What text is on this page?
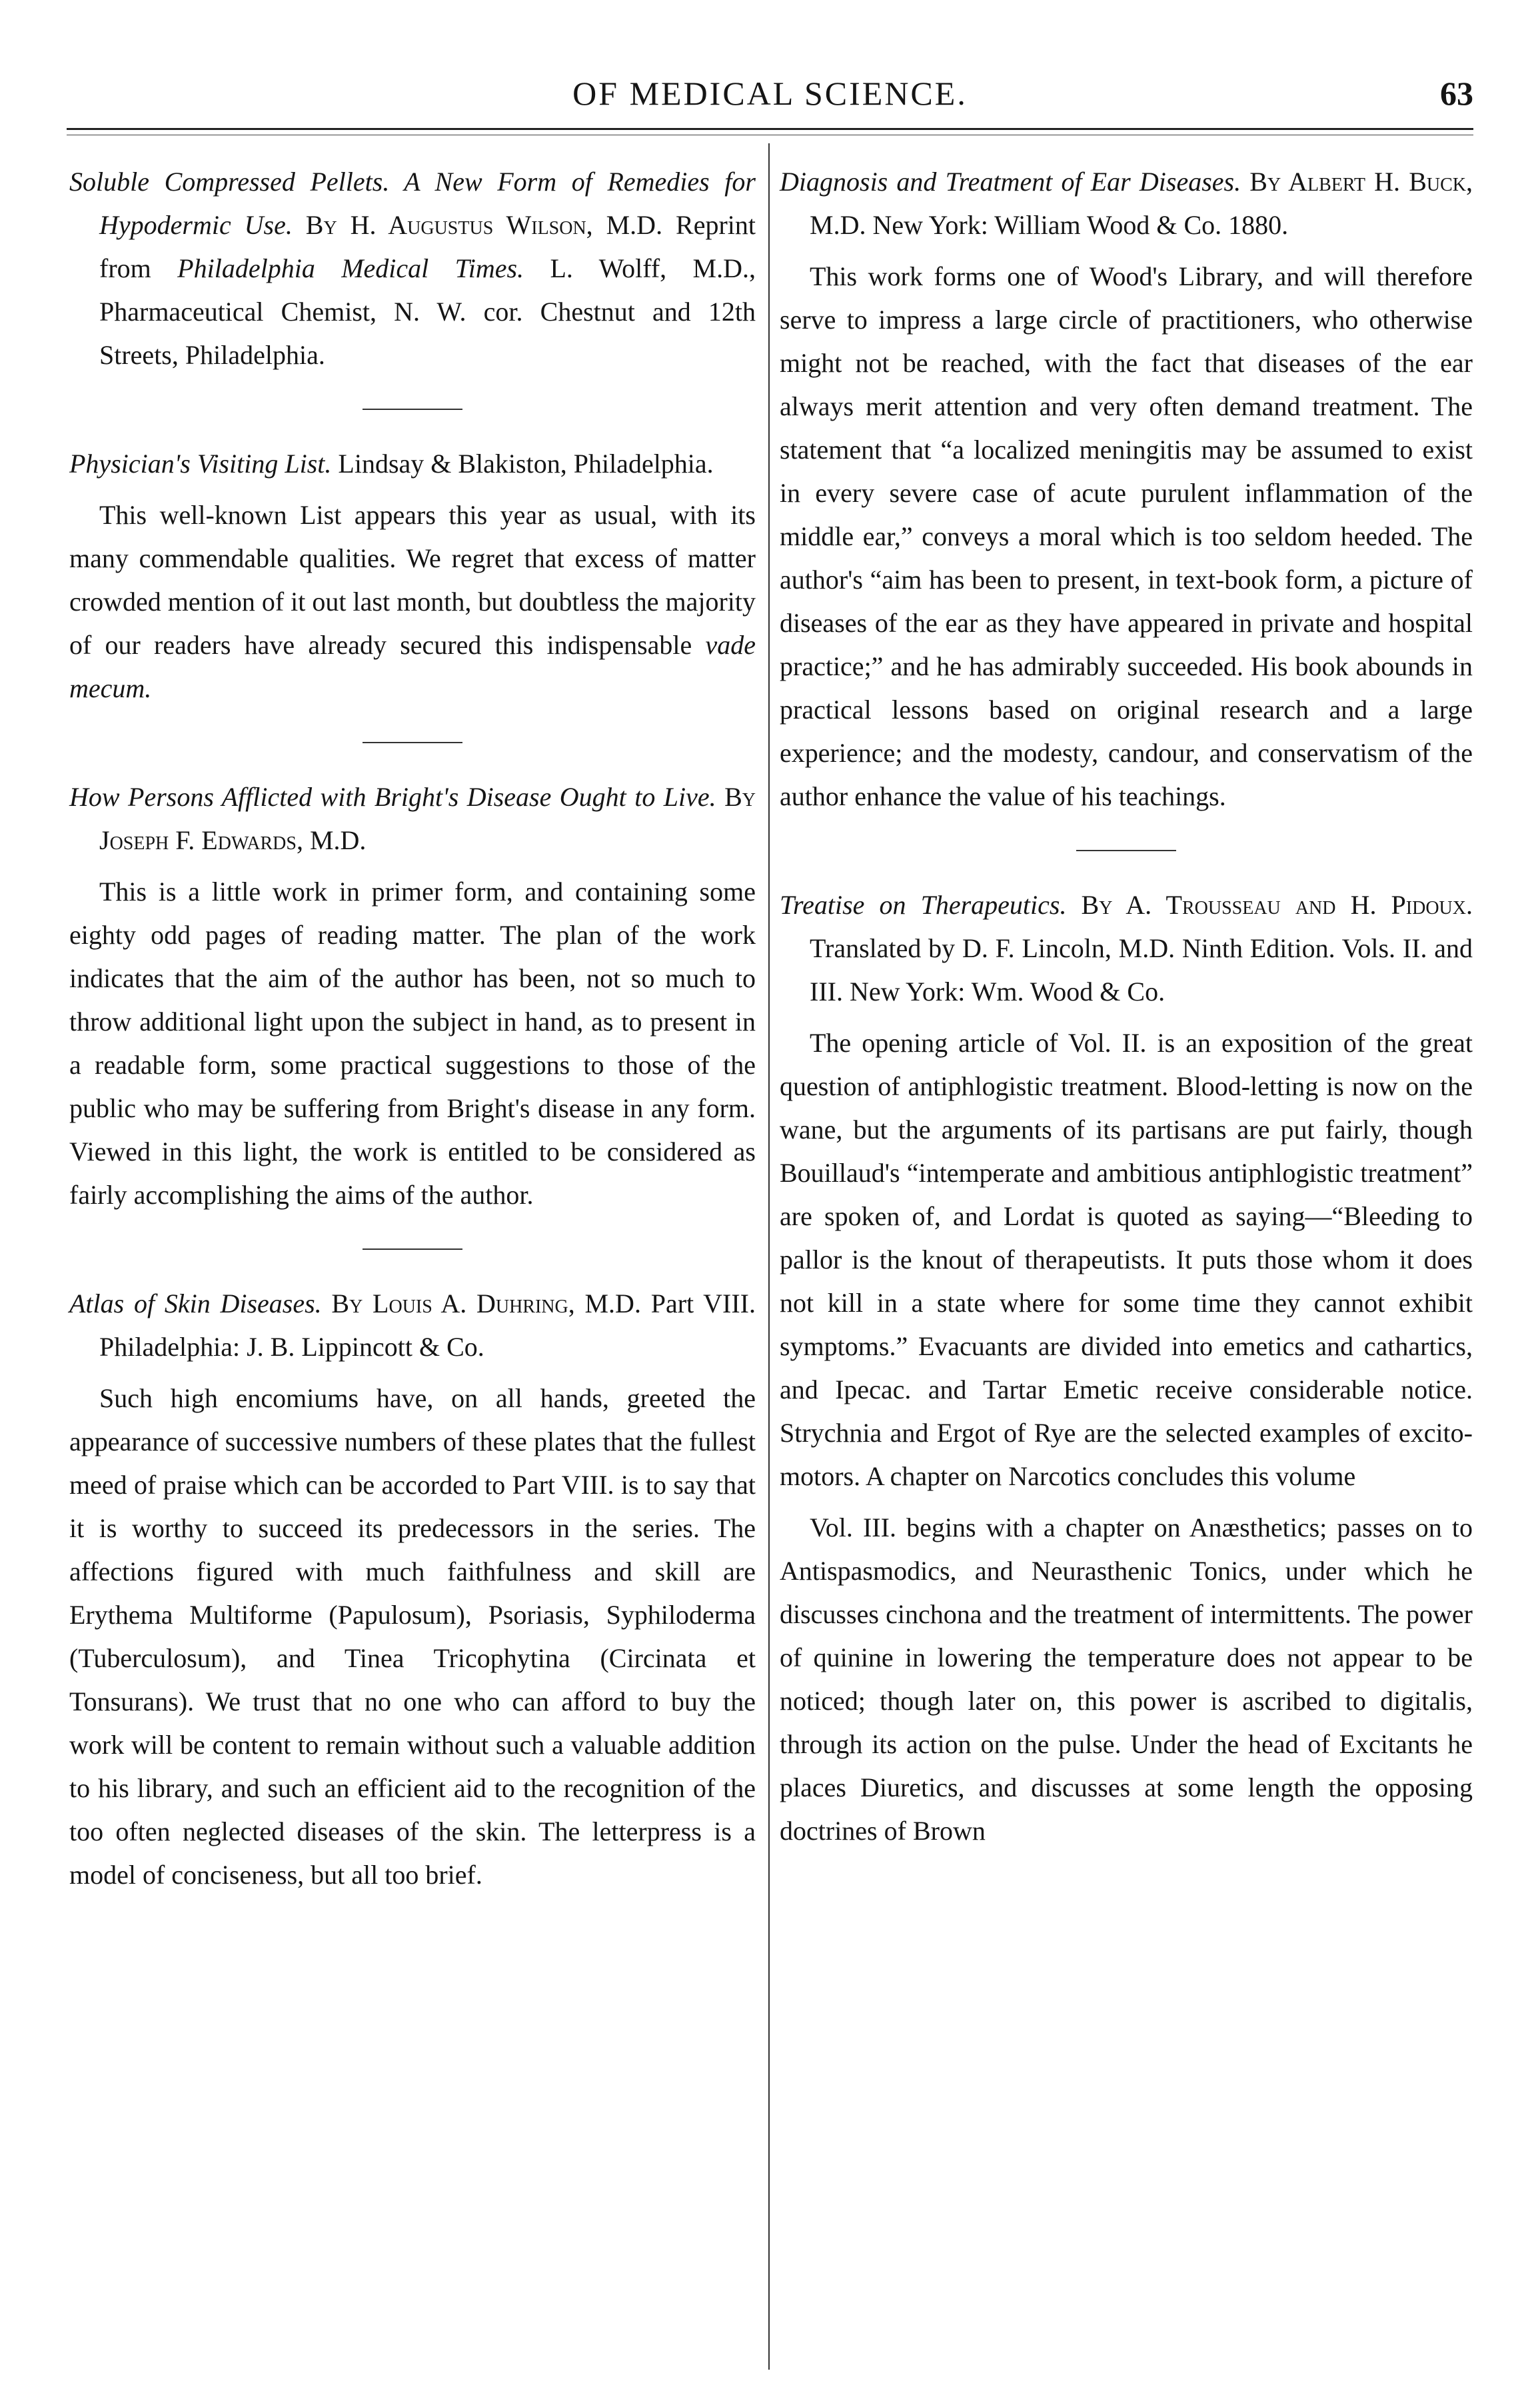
OF MEDICAL SCIENCE.	63

Soluble Compressed Pellets. A New Form of Remedies for Hypodermic Use. By H. Augustus Wilson, M.D. Reprint from Philadelphia Medical Times. L. Wolff, M.D., Pharmaceutical Chemist, N. W. cor. Chestnut and 12th Streets, Philadelphia.

Physician's Visiting List. Lindsay & Blakiston, Philadelphia.

This well-known List appears this year as usual, with its many commendable qualities. We regret that excess of matter crowded mention of it out last month, but doubtless the majority of our readers have already secured this indispensable vade mecum.

How Persons Afflicted with Bright's Disease Ought to Live. By Joseph F. Edwards, M.D.

This is a little work in primer form, and containing some eighty odd pages of reading matter. The plan of the work indicates that the aim of the author has been, not so much to throw additional light upon the subject in hand, as to present in a readable form, some practical suggestions to those of the public who may be suffering from Bright's disease in any form. Viewed in this light, the work is entitled to be considered as fairly accomplishing the aims of the author.

Atlas of Skin Diseases. By Louis A. Duhring, M.D. Part VIII. Philadelphia: J. B. Lippincott & Co.

Such high encomiums have, on all hands, greeted the appearance of successive numbers of these plates that the fullest meed of praise which can be accorded to Part VIII. is to say that it is worthy to succeed its predecessors in the series. The affections figured with much faithfulness and skill are Erythema Multiforme (Papulosum), Psoriasis, Syphiloderma (Tuberculosum), and Tinea Tricophytina (Circinata et Tonsurans). We trust that no one who can afford to buy the work will be content to remain without such a valuable addition to his library, and such an efficient aid to the recognition of the too often neglected diseases of the skin. The letterpress is a model of conciseness, but all too brief.

Diagnosis and Treatment of Ear Diseases. By Albert H. Buck, M.D. New York: William Wood & Co. 1880.

This work forms one of Wood's Library, and will therefore serve to impress a large circle of practitioners, who otherwise might not be reached, with the fact that diseases of the ear always merit attention and very often demand treatment. The statement that “a localized meningitis may be assumed to exist in every severe case of acute purulent inflammation of the middle ear,” conveys a moral which is too seldom heeded. The author's “aim has been to present, in text-book form, a picture of diseases of the ear as they have appeared in private and hospital practice;” and he has admirably succeeded. His book abounds in practical lessons based on original research and a large experience; and the modesty, candour, and conservatism of the author enhance the value of his teachings.

Treatise on Therapeutics. By A. Trousseau and H. Pidoux. Translated by D. F. Lincoln, M.D. Ninth Edition. Vols. II. and III. New York: Wm. Wood & Co.

The opening article of Vol. II. is an exposition of the great question of antiphlogistic treatment. Blood-letting is now on the wane, but the arguments of its partisans are put fairly, though Bouillaud's “intemperate and ambitious antiphlogistic treatment” are spoken of, and Lordat is quoted as saying—“Bleeding to pallor is the knout of therapeutists. It puts those whom it does not kill in a state where for some time they cannot exhibit symptoms.” Evacuants are divided into emetics and cathartics, and Ipecac. and Tartar Emetic receive considerable notice. Strychnia and Ergot of Rye are the selected examples of excito-motors. A chapter on Narcotics concludes this volume

Vol. III. begins with a chapter on Anæsthetics; passes on to Antispasmodics, and Neurasthenic Tonics, under which he discusses cinchona and the treatment of intermittents. The power of quinine in lowering the temperature does not appear to be noticed; though later on, this power is ascribed to digitalis, through its action on the pulse. Under the head of Excitants he places Diuretics, and discusses at some length the opposing doctrines of Brown
